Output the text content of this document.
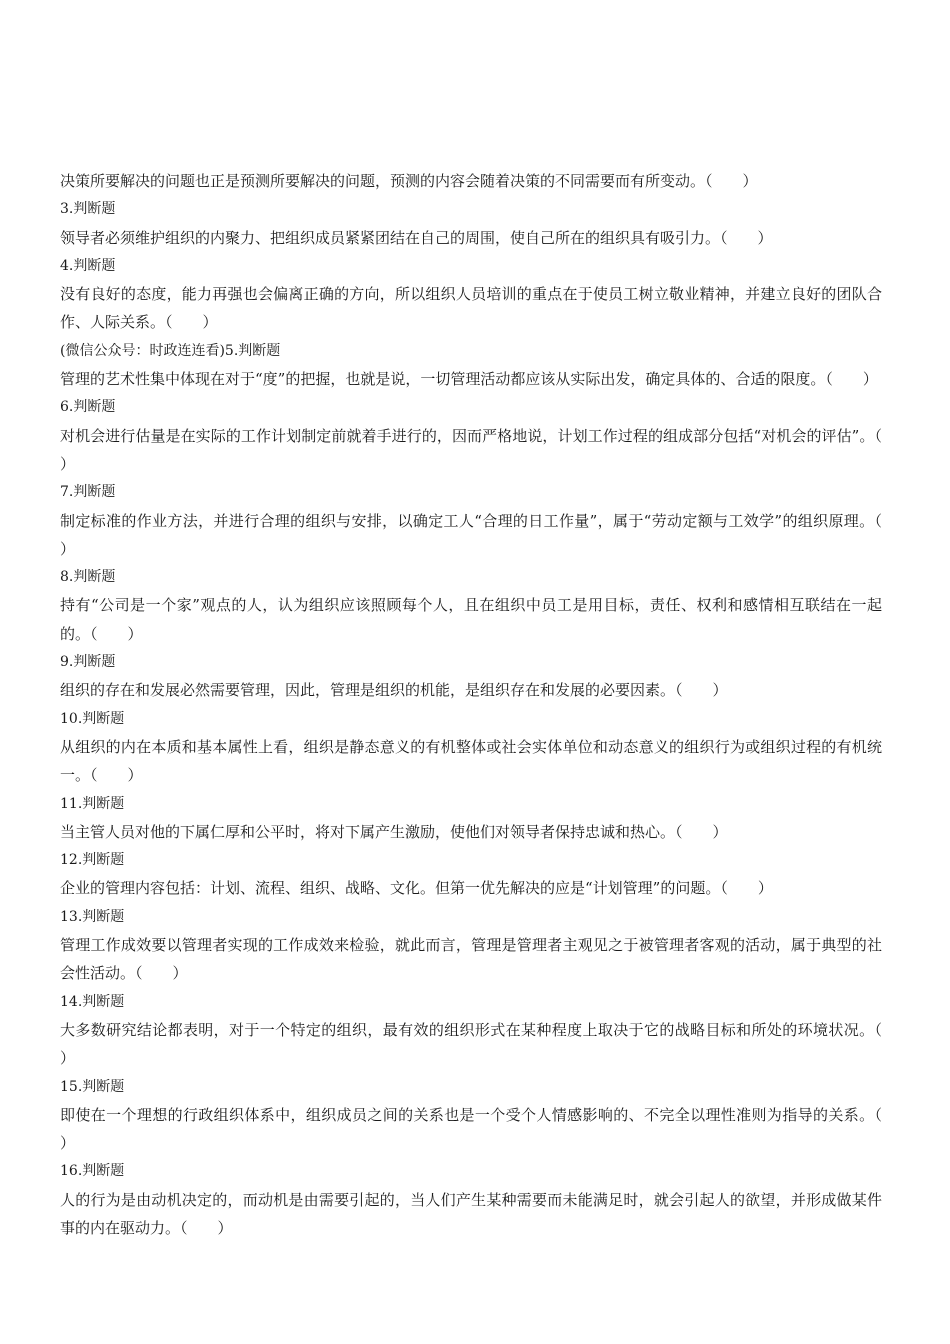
决策所要解决的问题也正是预测所要解决的问题，预测的内容会随着决策的不同需要而有所变动。（　　）
3.判断题
领导者必须维护组织的内聚力、把组织成员紧紧团结在自己的周围，使自己所在的组织具有吸引力。（　　）
4.判断题
没有良好的态度，能力再强也会偏离正确的方向，所以组织人员培训的重点在于使员工树立敬业精神，并建立良好的团队合作、人际关系。（　　）
(微信公众号：时政连连看)5.判断题
管理的艺术性集中体现在对于“度”的把握，也就是说，一切管理活动都应该从实际出发，确定具体的、合适的限度。（　　）
6.判断题
对机会进行估量是在实际的工作计划制定前就着手进行的，因而严格地说，计划工作过程的组成部分包括“对机会的评估”。（　　）
7.判断题
制定标准的作业方法，并进行合理的组织与安排，以确定工人“合理的日工作量”，属于“劳动定额与工效学”的组织原理。（　　）
8.判断题
持有“公司是一个家”观点的人，认为组织应该照顾每个人，且在组织中员工是用目标，责任、权利和感情相互联结在一起的。（　　）
9.判断题
组织的存在和发展必然需要管理，因此，管理是组织的机能，是组织存在和发展的必要因素。（　　）
10.判断题
从组织的内在本质和基本属性上看，组织是静态意义的有机整体或社会实体单位和动态意义的组织行为或组织过程的有机统一。（　　）
11.判断题
当主管人员对他的下属仁厚和公平时，将对下属产生激励，使他们对领导者保持忠诚和热心。（　　）
12.判断题
企业的管理内容包括：计划、流程、组织、战略、文化。但第一优先解决的应是“计划管理”的问题。（　　）
13.判断题
管理工作成效要以管理者实现的工作成效来检验，就此而言，管理是管理者主观见之于被管理者客观的活动，属于典型的社会性活动。（　　）
14.判断题
大多数研究结论都表明，对于一个特定的组织，最有效的组织形式在某种程度上取决于它的战略目标和所处的环境状况。（　　）
15.判断题
即使在一个理想的行政组织体系中，组织成员之间的关系也是一个受个人情感影响的、不完全以理性准则为指导的关系。（　　）
16.判断题
人的行为是由动机决定的，而动机是由需要引起的，当人们产生某种需要而未能满足时，就会引起人的欲望，并形成做某件事的内在驱动力。（　　）
